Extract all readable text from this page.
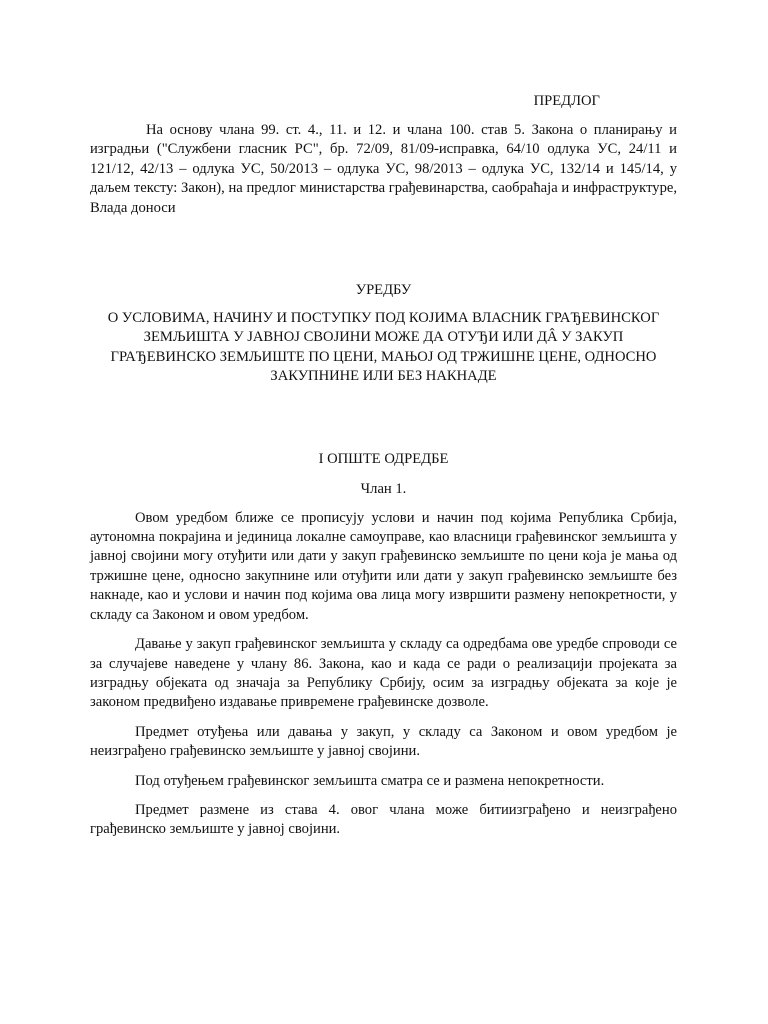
ПРЕДЛОГ

На основу члана 99. ст. 4., 11. и 12. и члана 100. став 5. Закона о планирању и изградњи ("Службени гласник РС", бр. 72/09, 81/09-исправка, 64/10 одлука УС, 24/11 и 121/12, 42/13 – одлука УС, 50/2013 – одлука УС, 98/2013 – одлука УС, 132/14 и 145/14, у даљем тексту: Закон), на предлог министарства грађевинарства, саобраћаја и инфраструктуре, Влада доноси

УРЕДБУ

О УСЛОВИМА, НАЧИНУ И ПОСТУПКУ ПОД КОЈИМА ВЛАСНИК ГРАЂЕВИНСКОГ ЗЕМЉИШТА У ЈАВНОЈ СВОЈИНИ МОЖЕ ДА ОТУЂИ ИЛИ ДÂ У ЗАКУП ГРАЂЕВИНСКО ЗЕМЉИШТЕ ПО ЦЕНИ, МАЊОЈ ОД ТРЖИШНЕ ЦЕНЕ, ОДНОСНО ЗАКУПНИНЕ ИЛИ БЕЗ НАКНАДЕ

I ОПШТЕ ОДРЕДБЕ

Члан 1.

Овом уредбом ближе се прописују услови и начин под којима Република Србија, аутономна покрајина и јединица локалне самоуправе, као власници грађевинског земљишта у јавној својини могу отуђити или дати у закуп грађевинско земљиште по цени која је мања од тржишне цене, односно закупнине или отуђити или дати у закуп грађевинско земљиште без накнаде, као и услови и начин под којима ова лица могу извршити размену непокретности, у складу са Законом и овом уредбом.

Давање у закуп грађевинског земљишта у складу са одредбама ове уредбе спроводи се за случајеве наведене у члану 86. Закона, као и када се ради о реализацији пројеката за изградњу објеката од значаја за Републику Србију, осим за изградњу објеката за које је законом предвиђено издавање привремене грађевинске дозволе.

Предмет отуђења или давања у закуп, у складу са Законом и овом уредбом је неизграђено грађевинско земљиште у јавној својини.

Под отуђењем грађевинског земљишта сматра се и размена непокретности.

Предмет размене из става 4. овог члана може битиизграђено и неизграђено грађевинско земљиште у јавној својини.
